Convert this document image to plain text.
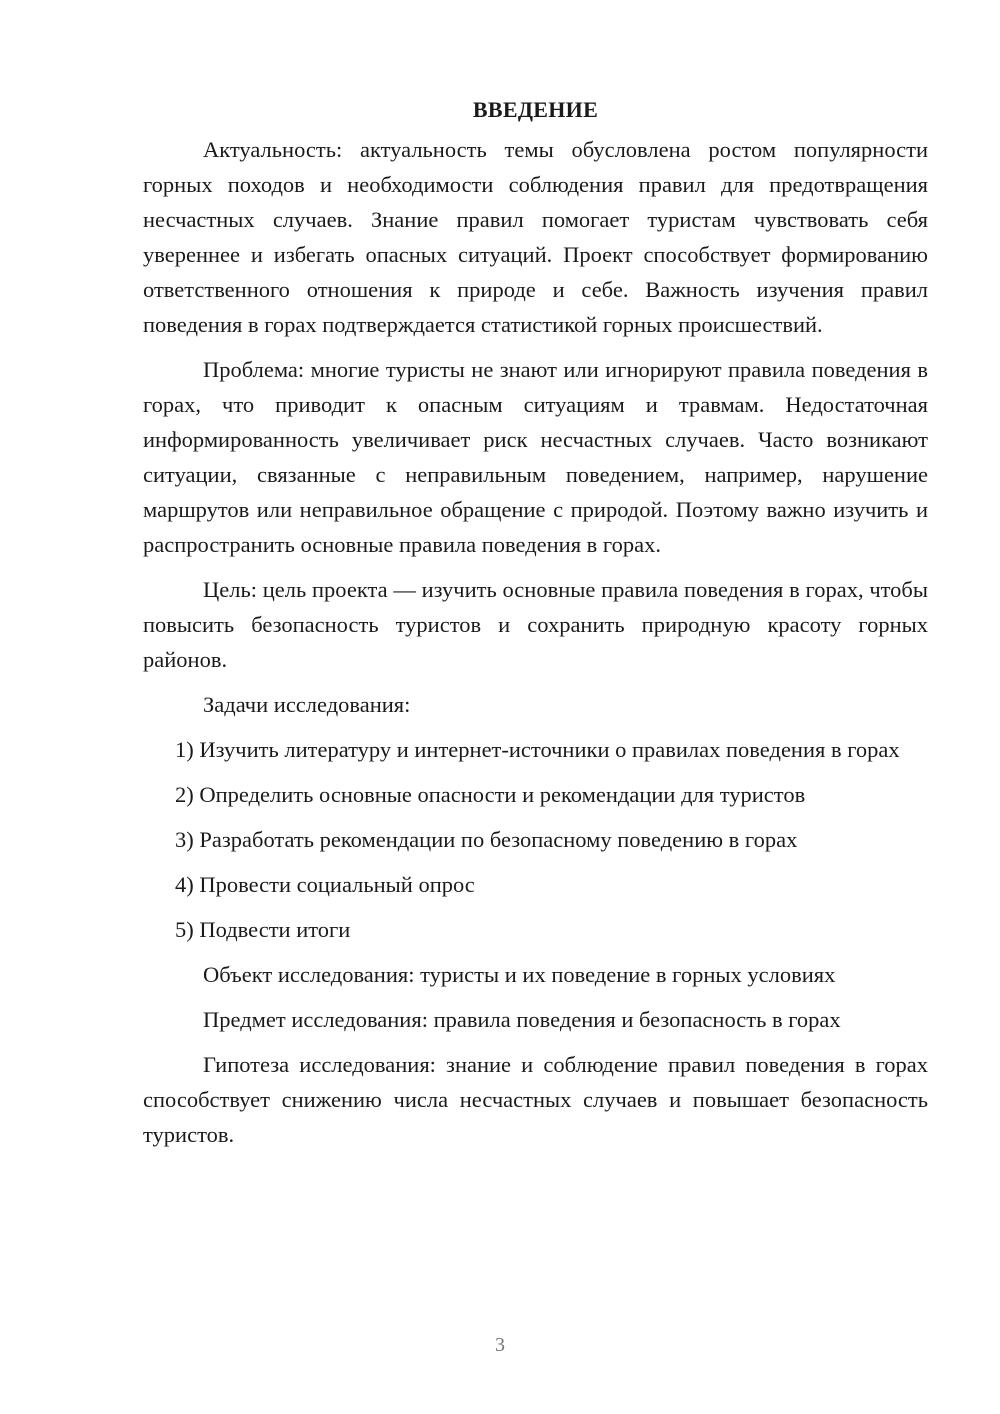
ВВЕДЕНИЕ

Актуальность: актуальность темы обусловлена ростом популярности горных походов и необходимости соблюдения правил для предотвращения несчастных случаев. Знание правил помогает туристам чувствовать себя увереннее и избегать опасных ситуаций. Проект способствует формированию ответственного отношения к природе и себе. Важность изучения правил поведения в горах подтверждается статистикой горных происшествий.

Проблема: многие туристы не знают или игнорируют правила поведения в горах, что приводит к опасным ситуациям и травмам. Недостаточная информированность увеличивает риск несчастных случаев. Часто возникают ситуации, связанные с неправильным поведением, например, нарушение маршрутов или неправильное обращение с природой. Поэтому важно изучить и распространить основные правила поведения в горах.

Цель: цель проекта — изучить основные правила поведения в горах, чтобы повысить безопасность туристов и сохранить природную красоту горных районов.

Задачи исследования:

1) Изучить литературу и интернет-источники о правилах поведения в горах

2) Определить основные опасности и рекомендации для туристов

3) Разработать рекомендации по безопасному поведению в горах

4) Провести социальный опрос

5) Подвести итоги

Объект исследования: туристы и их поведение в горных условиях

Предмет исследования: правила поведения и безопасность в горах

Гипотеза исследования: знание и соблюдение правил поведения в горах способствует снижению числа несчастных случаев и повышает безопасность туристов.

3
